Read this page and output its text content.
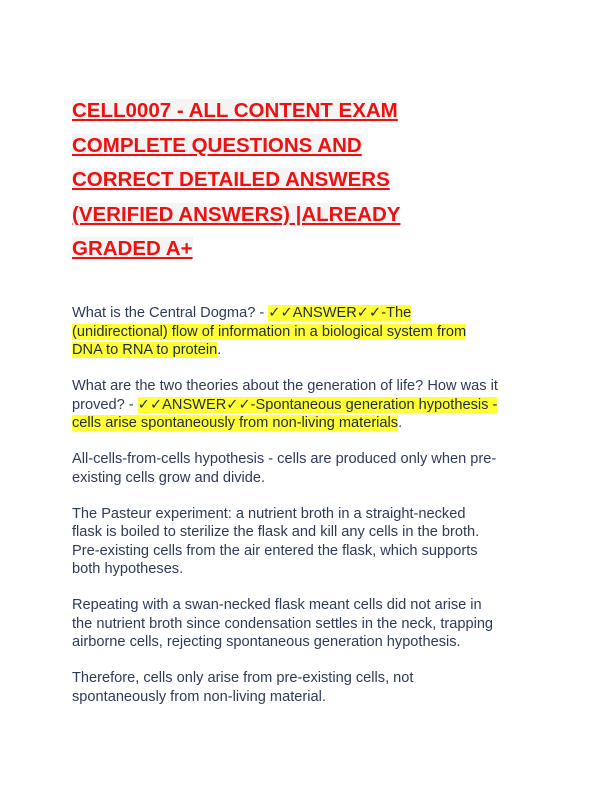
CELL0007 - ALL CONTENT EXAM
COMPLETE QUESTIONS AND
CORRECT DETAILED ANSWERS
(VERIFIED ANSWERS) |ALREADY
GRADED A+

What is the Central Dogma? - ✓✓ANSWER✓✓-The
(unidirectional) flow of information in a biological system from
DNA to RNA to protein.

What are the two theories about the generation of life? How was it
proved? - ✓✓ANSWER✓✓-Spontaneous generation hypothesis -
cells arise spontaneously from non-living materials.

All-cells-from-cells hypothesis - cells are produced only when pre-
existing cells grow and divide.

The Pasteur experiment: a nutrient broth in a straight-necked
flask is boiled to sterilize the flask and kill any cells in the broth.
Pre-existing cells from the air entered the flask, which supports
both hypotheses.

Repeating with a swan-necked flask meant cells did not arise in
the nutrient broth since condensation settles in the neck, trapping
airborne cells, rejecting spontaneous generation hypothesis.

Therefore, cells only arise from pre-existing cells, not
spontaneously from non-living material.
